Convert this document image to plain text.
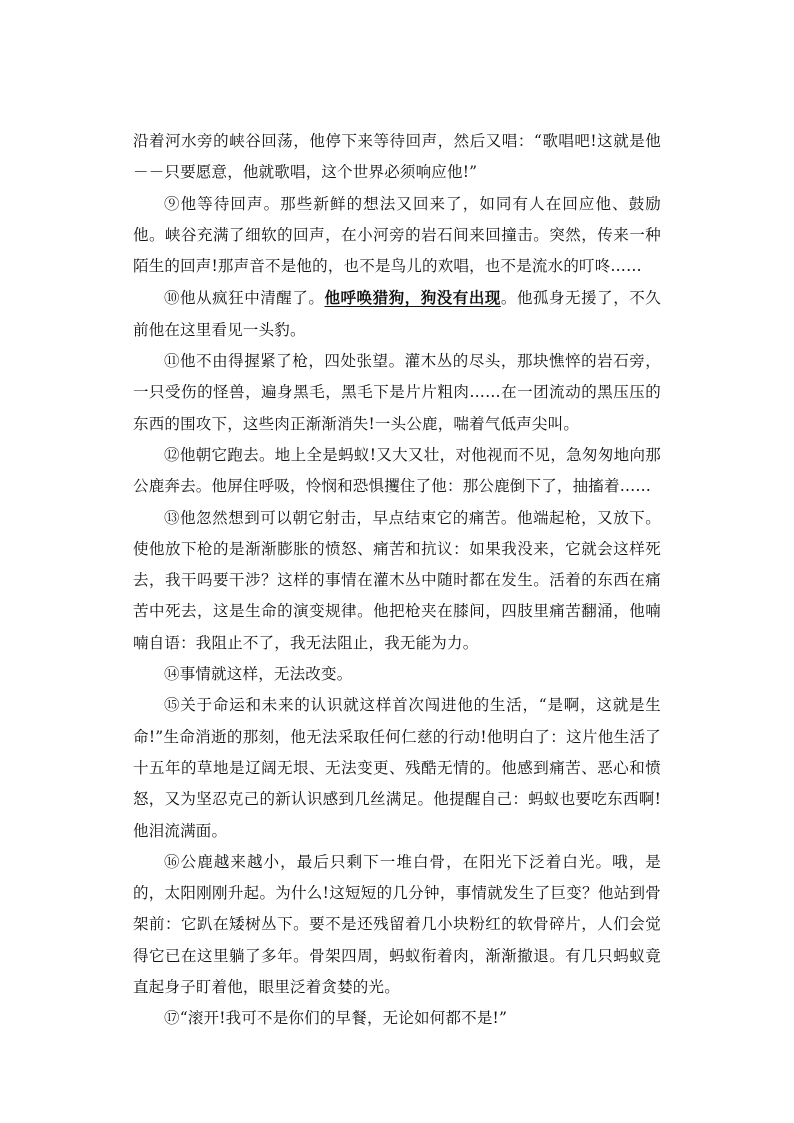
沿着河水旁的峡谷回荡，他停下来等待回声，然后又唱：“歌唱吧!这就是他－－只要愿意，他就歌唱，这个世界必须响应他!”

⑨他等待回声。那些新鲜的想法又回来了，如同有人在回应他、鼓励他。峡谷充满了细软的回声，在小河旁的岩石间来回撞击。突然，传来一种陌生的回声!那声音不是他的，也不是鸟儿的欢唱，也不是流水的叮咚……

⑩他从疯狂中清醒了。他呼唤猎狗，狗没有出现。他孤身无援了，不久前他在这里看见一头豹。

⑪他不由得握紧了枪，四处张望。灌木丛的尽头，那块憔悴的岩石旁，一只受伤的怪兽，遍身黑毛，黑毛下是片片粗肉……在一团流动的黑压压的东西的围攻下，这些肉正渐渐消失!一头公鹿，喘着气低声尖叫。

⑫他朝它跑去。地上全是蚂蚁!又大又壮，对他视而不见，急匆匆地向那公鹿奔去。他屏住呼吸，怜悯和恐惧攫住了他：那公鹿倒下了，抽搐着……

⑬他忽然想到可以朝它射击，早点结束它的痛苦。他端起枪，又放下。使他放下枪的是渐渐膨胀的愤怒、痛苦和抗议：如果我没来，它就会这样死去，我干吗要干涉？这样的事情在灌木丛中随时都在发生。活着的东西在痛苦中死去，这是生命的演变规律。他把枪夹在膝间，四肢里痛苦翻涌，他喃喃自语：我阻止不了，我无法阻止，我无能为力。

⑭事情就这样，无法改变。

⑮关于命运和未来的认识就这样首次闯进他的生活，“是啊，这就是生命!”生命消逝的那刻，他无法采取任何仁慈的行动!他明白了：这片他生活了十五年的草地是辽阔无垠、无法变更、残酷无情的。他感到痛苦、恶心和愤怒，又为坚忍克己的新认识感到几丝满足。他提醒自己：蚂蚁也要吃东西啊!他泪流满面。

⑯公鹿越来越小，最后只剩下一堆白骨，在阳光下泛着白光。哦，是的，太阳刚刚升起。为什么!这短短的几分钟，事情就发生了巨变？他站到骨架前：它趴在矮树丛下。要不是还残留着几小块粉红的软骨碎片，人们会觉得它已在这里躺了多年。骨架四周，蚂蚁衔着肉，渐渐撤退。有几只蚂蚁竟直起身子盯着他，眼里泛着贪婪的光。

⑰“滚开!我可不是你们的早餐，无论如何都不是!”
